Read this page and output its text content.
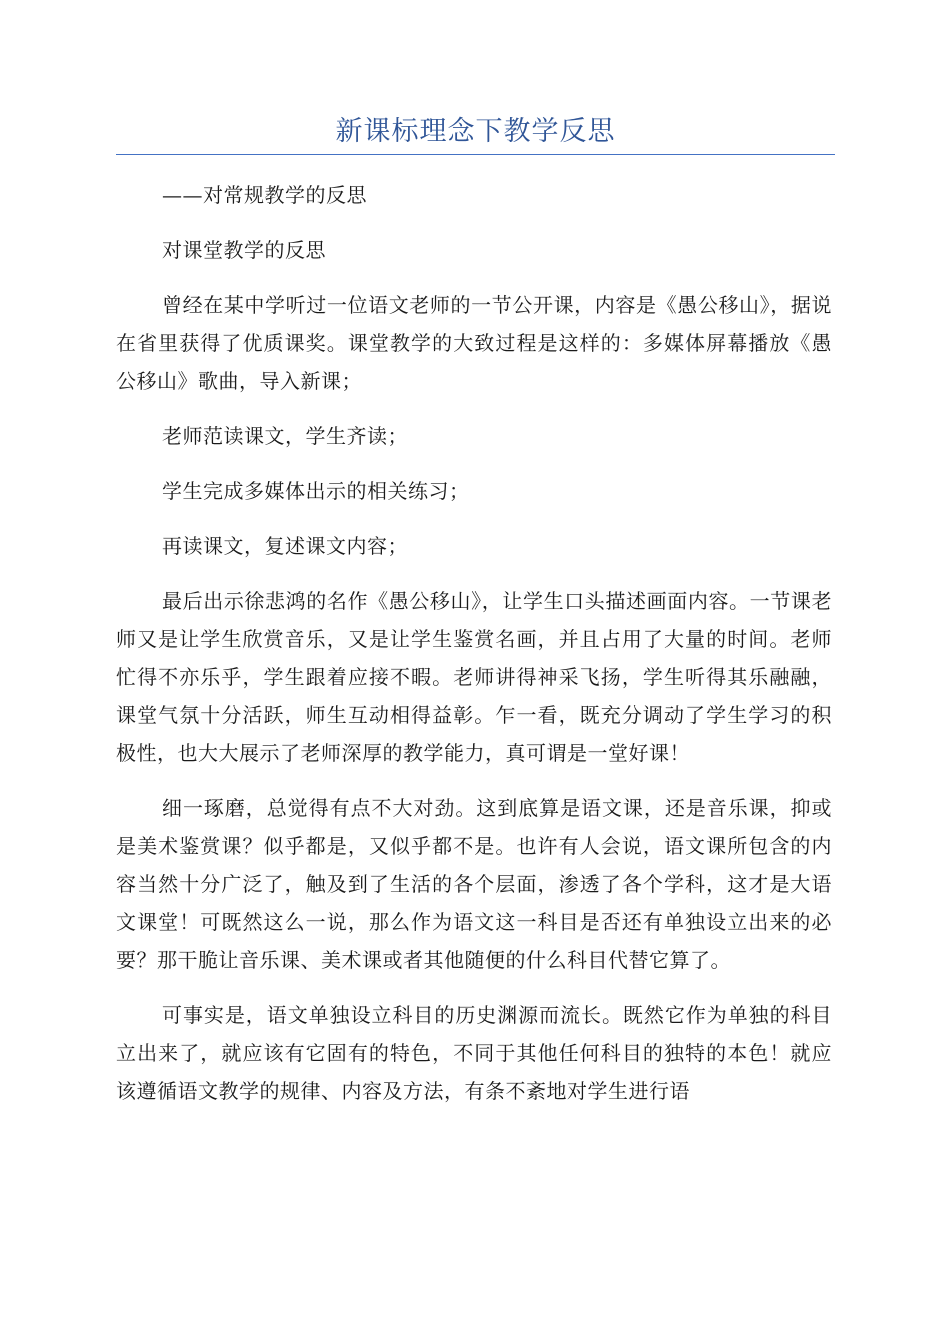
新课标理念下教学反思

——对常规教学的反思

对课堂教学的反思

曾经在某中学听过一位语文老师的一节公开课，内容是《愚公移山》，据说在省里获得了优质课奖。课堂教学的大致过程是这样的：多媒体屏幕播放《愚公移山》歌曲，导入新课；

老师范读课文，学生齐读；

学生完成多媒体出示的相关练习；

再读课文，复述课文内容；

最后出示徐悲鸿的名作《愚公移山》，让学生口头描述画面内容。一节课老师又是让学生欣赏音乐，又是让学生鉴赏名画，并且占用了大量的时间。老师忙得不亦乐乎，学生跟着应接不暇。老师讲得神采飞扬，学生听得其乐融融，课堂气氛十分活跃，师生互动相得益彰。乍一看，既充分调动了学生学习的积极性，也大大展示了老师深厚的教学能力，真可谓是一堂好课！

细一琢磨，总觉得有点不大对劲。这到底算是语文课，还是音乐课，抑或是美术鉴赏课？似乎都是，又似乎都不是。也许有人会说，语文课所包含的内容当然十分广泛了，触及到了生活的各个层面，渗透了各个学科，这才是大语文课堂！可既然这么一说，那么作为语文这一科目是否还有单独设立出来的必要？那干脆让音乐课、美术课或者其他随便的什么科目代替它算了。

可事实是，语文单独设立科目的历史渊源而流长。既然它作为单独的科目立出来了，就应该有它固有的特色，不同于其他任何科目的独特的本色！就应该遵循语文教学的规律、内容及方法，有条不紊地对学生进行语
